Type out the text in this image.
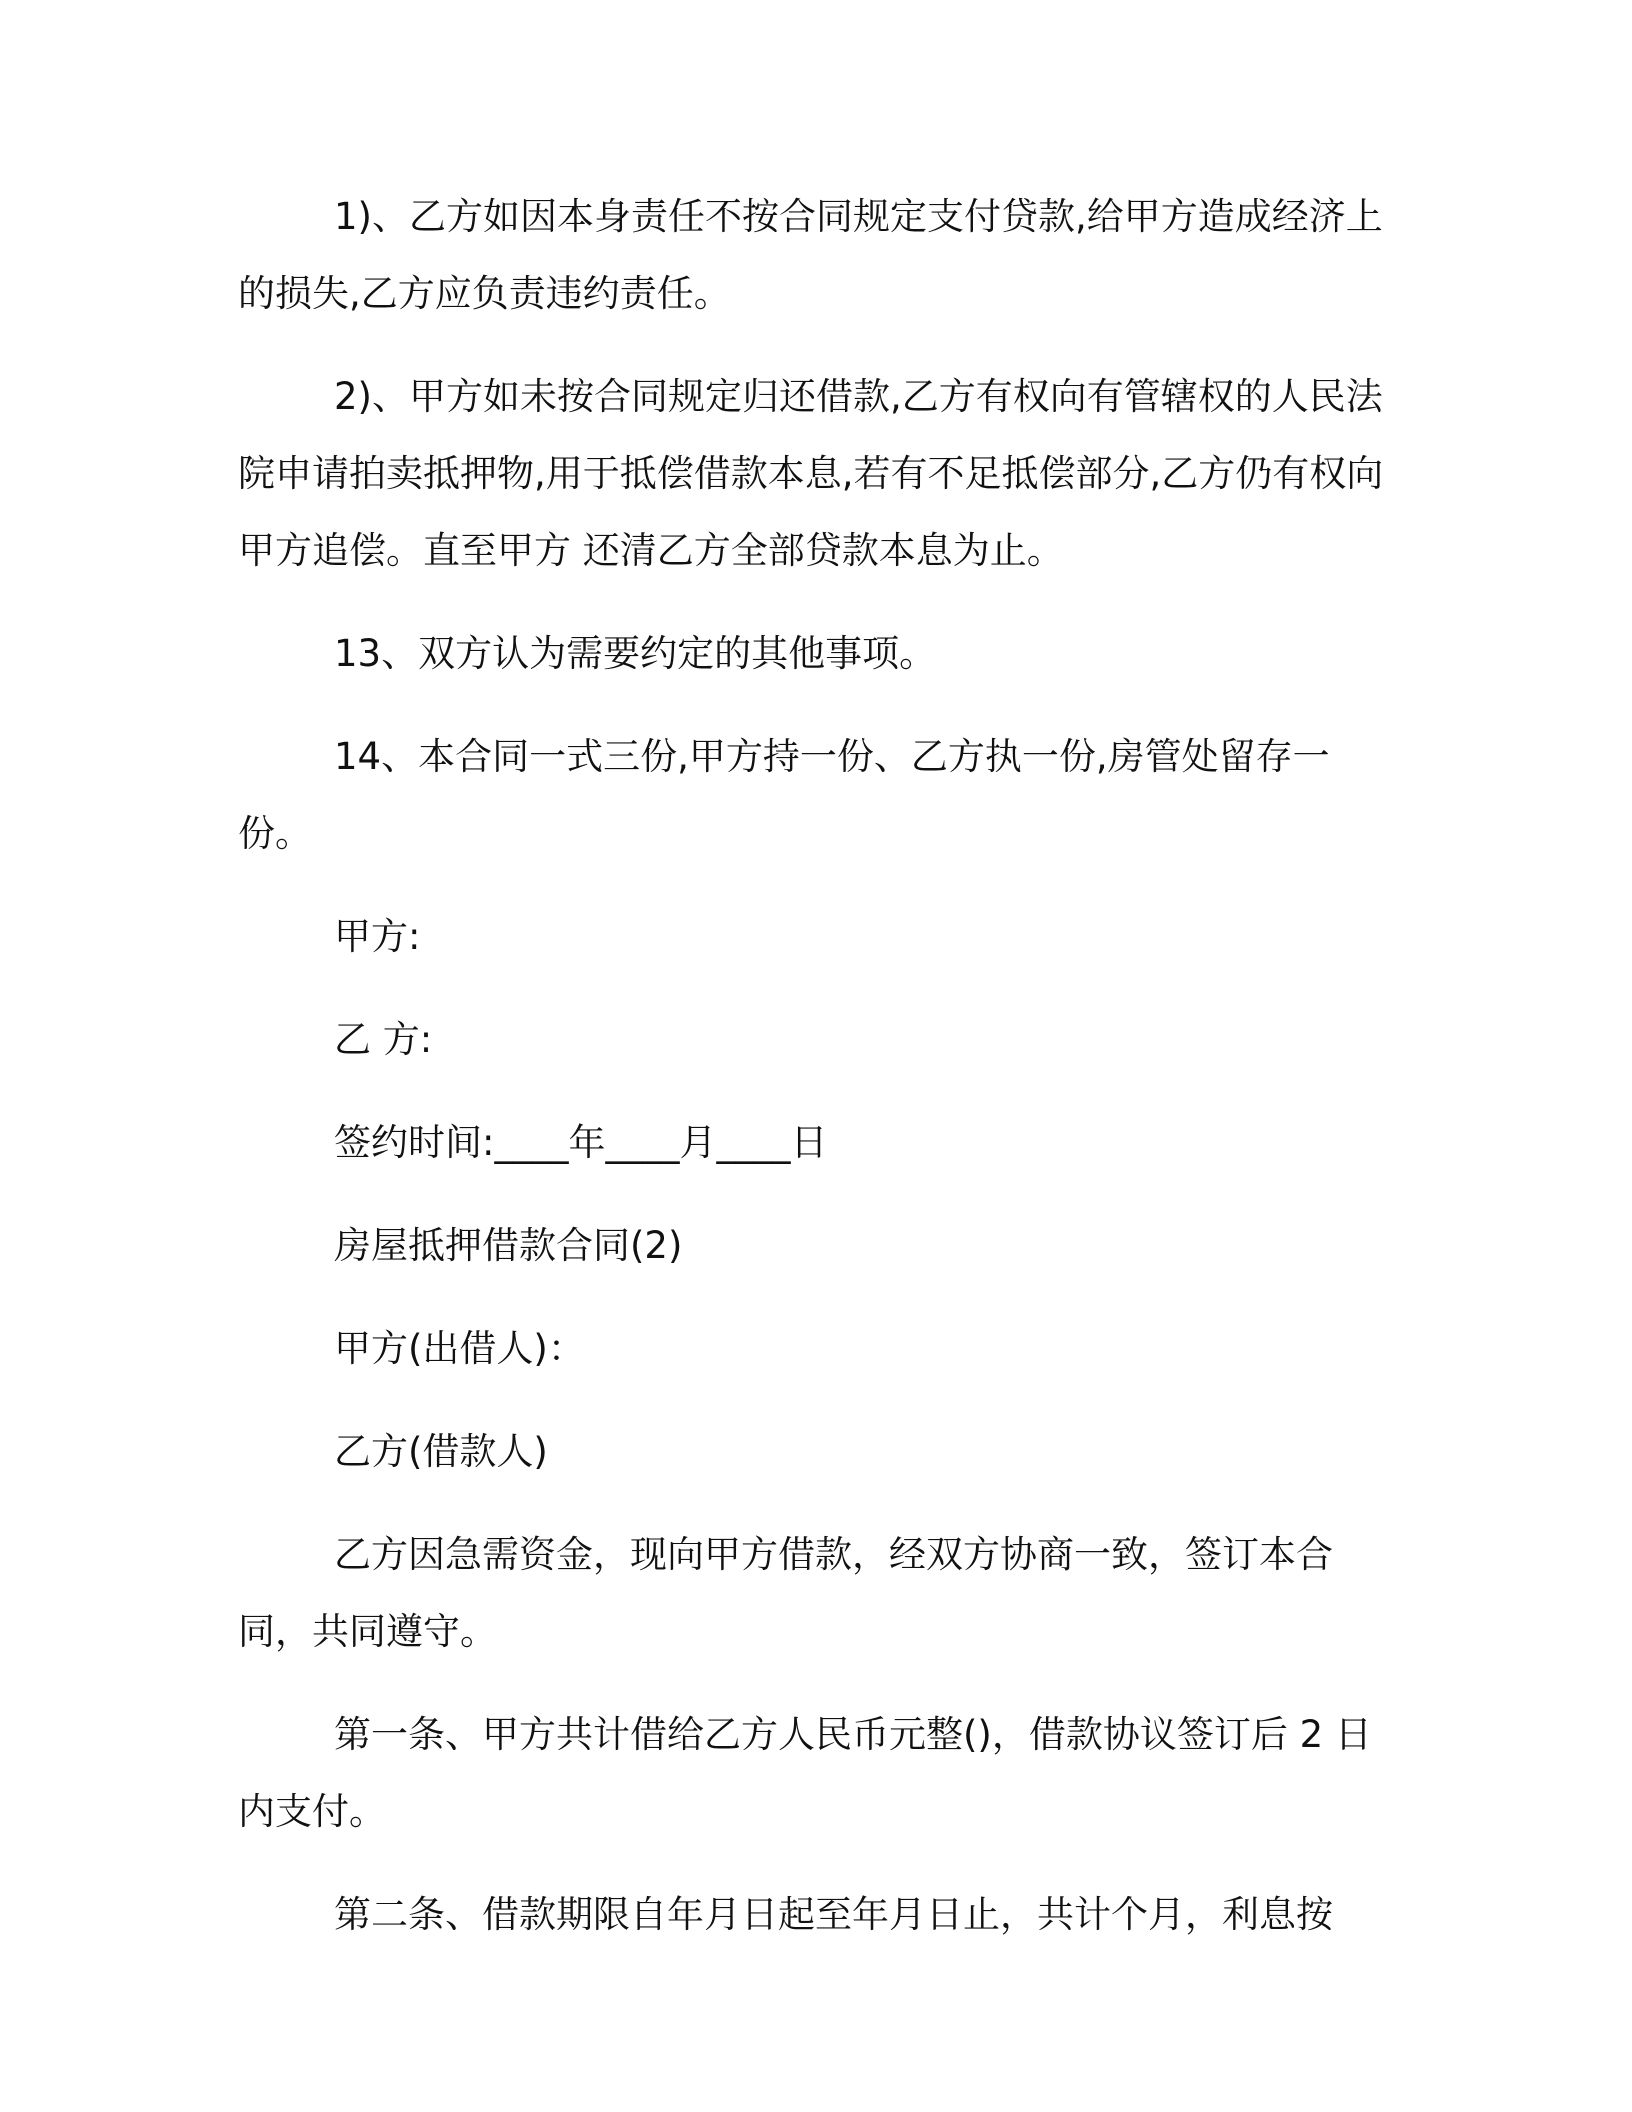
1)、乙方如因本身责任不按合同规定支付贷款,给甲方造成经济上的损失,乙方应负责违约责任。

2)、甲方如未按合同规定归还借款,乙方有权向有管辖权的人民法院申请拍卖抵押物,用于抵偿借款本息,若有不足抵偿部分,乙方仍有权向甲方追偿。直至甲方 还清乙方全部贷款本息为止。

13、双方认为需要约定的其他事项。

14、本合同一式三份,甲方持一份、乙方执一份,房管处留存一份。

甲方:

乙 方:

签约时间:____年____月____日

房屋抵押借款合同(2)

甲方(出借人)：

乙方(借款人)

乙方因急需资金，现向甲方借款，经双方协商一致，签订本合同，共同遵守。

第一条、甲方共计借给乙方人民币元整()，借款协议签订后 2 日内支付。

第二条、借款期限自年月日起至年月日止，共计个月，利息按
